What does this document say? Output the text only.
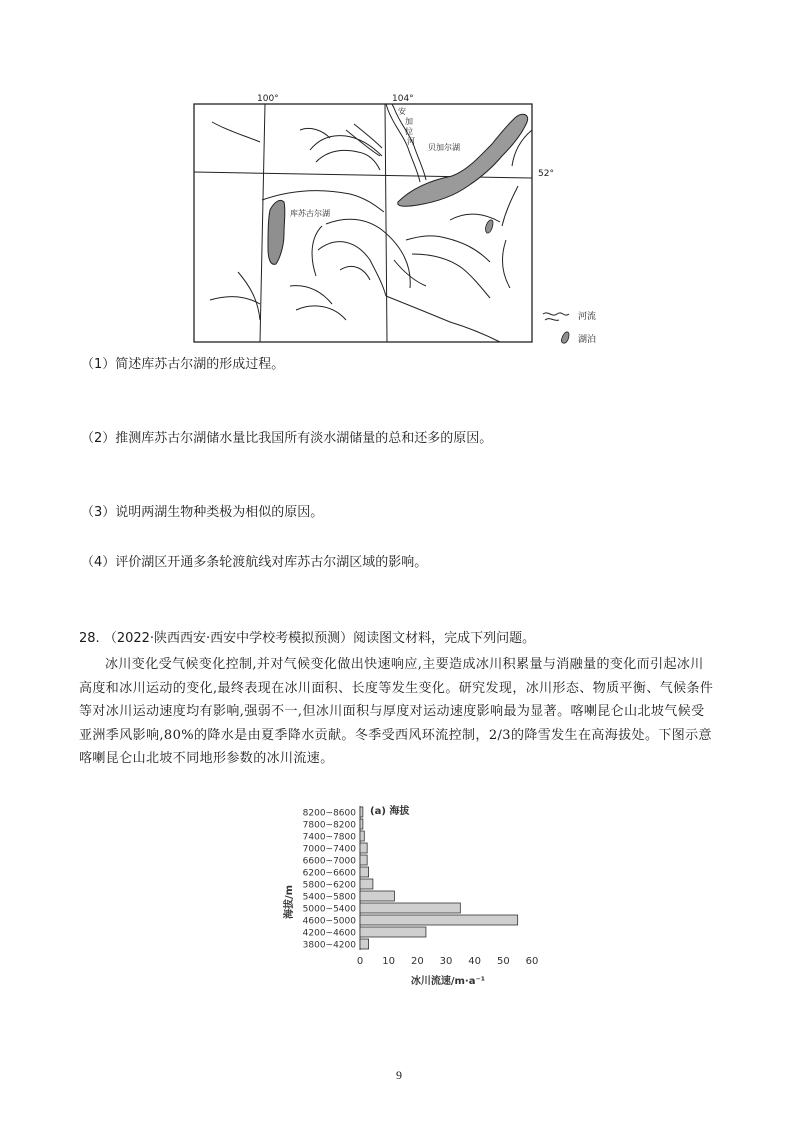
100°	104°
52°
安
加
拉
河
贝加尔湖
库苏古尔湖
河流
湖泊
（1）简述库苏古尔湖的形成过程。
（2）推测库苏古尔湖储水量比我国所有淡水湖储量的总和还多的原因。
（3）说明两湖生物种类极为相似的原因。
（4）评价湖区开通多条轮渡航线对库苏古尔湖区域的影响。
28. （2022·陕西西安·西安中学校考模拟预测）阅读图文材料，完成下列问题。
冰川变化受气候变化控制,并对气候变化做出快速响应,主要造成冰川积累量与消融量的变化而引起冰川高度和冰川运动的变化,最终表现在冰川面积、长度等发生变化。研究发现，冰川形态、物质平衡、气候条件等对冰川运动速度均有影响,强弱不一,但冰川面积与厚度对运动速度影响最为显著。喀喇昆仑山北坡气候受亚洲季风影响,80%的降水是由夏季降水贡献。冬季受西风环流控制，2/3的降雪发生在高海拔处。下图示意喀喇昆仑山北坡不同地形参数的冰川流速。
(a) 海拔
海拔/m
冰川流速/m·a⁻¹
8200~8600
7800~8200
7400~7800
7000~7400
6600~7000
6200~6600
5800~6200
5400~5800
5000~5400
4600~5000
4200~4600
3800~4200
0 10 20 30 40 50 60
9
